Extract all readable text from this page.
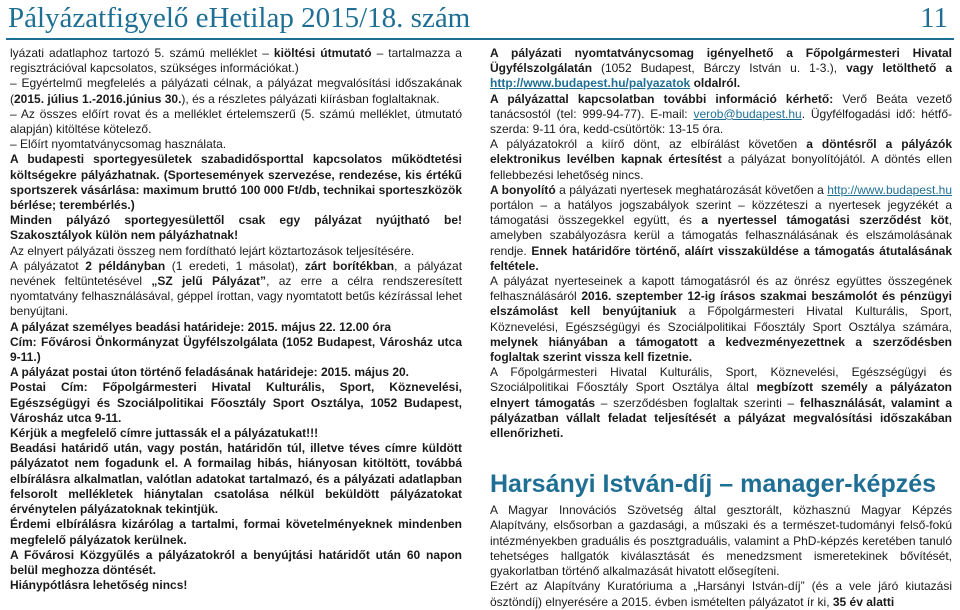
Pályázatfigyelő eHetilap 2015/18. szám	11

lyázati adatlaphoz tartozó 5. számú melléklet – kiöltési útmutató – tartalmazza a regisztrációval kapcsolatos, szükséges információkat.)

– Egyértelmű megfelelés a pályázati célnak, a pályázat megvalósítási időszakának (2015. július 1.-2016.június 30.), és a részletes pályázati kiírásban foglaltaknak.

– Az összes előírt rovat és a melléklet értelemszerű (5. számú melléklet, útmutató alapján) kitöltése kötelező.

– Előírt nyomtatványcsomag használata.

A budapesti sportegyesületek szabadidősporttal kapcsolatos működtetési költségekre pályázhatnak. (Sportesemények szervezése, rendezése, kis értékű sportszerek vásárlása: maximum bruttó 100 000 Ft/db, technikai sporteszközök bérlése; terembérlés.)

Minden pályázó sportegyesülettől csak egy pályázat nyújtható be! Szakosztályok külön nem pályázhatnak!

Az elnyert pályázati összeg nem fordítható lejárt köztartozások teljesítésére.

A pályázatot 2 példányban (1 eredeti, 1 másolat), zárt borítékban, a pályázat nevének feltüntetésével „SZ jelű Pályázat”, az erre a célra rendszeresített nyomtatvány felhasználásával, géppel írottan, vagy nyomtatott betűs kézírással lehet benyújtani.

A pályázat személyes beadási határideje: 2015. május 22. 12.00 óra

Cím: Fővárosi Önkormányzat Ügyfélszolgálata (1052 Budapest, Városház utca 9-11.)

A pályázat postai úton történő feladásának határideje: 2015. május 20.

Postai Cím: Főpolgármesteri Hivatal Kulturális, Sport, Köznevelési, Egészségügyi és Szociálpolitikai Főosztály Sport Osztálya, 1052 Budapest, Városház utca 9-11.

Kérjük a megfelelő címre juttassák el a pályázatukat!!!

Beadási határidő után, vagy postán, határidőn túl, illetve téves címre küldött pályázatot nem fogadunk el. A formailag hibás, hiányosan kitöltött, továbbá elbírálásra alkalmatlan, valótlan adatokat tartalmazó, és a pályázati adatlapban felsorolt mellékletek hiánytalan csatolása nélkül beküldött pályázatokat érvénytelen pályázatoknak tekintjük.

Érdemi elbírálásra kizárólag a tartalmi, formai követelményeknek mindenben megfelelő pályázatok kerülnek.

A Fővárosi Közgyűlés a pályázatokról a benyújtási határidőt után 60 napon belül meghozza döntését.

Hiánypótlásra lehetőség nincs!

A pályázati nyomtatványcsomag igényelhető a Főpolgármesteri Hivatal Ügyfélszolgálatán (1052 Budapest, Bárczy István u. 1-3.), vagy letölthető a http://www.budapest.hu/palyazatok oldalról.

A pályázattal kapcsolatban további információ kérhető: Verő Beáta vezető tanácsostól (tel: 999-94-77). E-mail: verob@budapest.hu. Ügyfélfogadási idő: hétfő-szerda: 9-11 óra, kedd-csütörtök: 13-15 óra.

A pályázatokról a kiírő dönt, az elbírálást követően a döntésről a pályázók elektronikus levélben kapnak értesítést a pályázat bonyolítójától. A döntés ellen fellebbezési lehetőség nincs.

A bonyolító a pályázati nyertesek meghatározását követően a http://www.budapest.hu portálon – a hatályos jogszabályok szerint – közzéteszi a nyertesek jegyzékét a támogatási összegekkel együtt, és a nyertessel támogatási szerződést köt, amelyben szabályozásra kerül a támogatás felhasználásának és elszámolásának rendje. Ennek határidőre történő, aláírt visszaküldése a támogatás átutalásának feltétele.

A pályázat nyerteseinek a kapott támogatásról és az önrész együttes összegének felhasználásáról 2016. szeptember 12-ig írásos szakmai beszámolót és pénzügyi elszámolást kell benyújtaniuk a Főpolgármesteri Hivatal Kulturális, Sport, Köznevelési, Egészségügyi és Szociálpolitikai Főosztály Sport Osztálya számára, melynek hiányában a támogatott a kedvezményezettnek a szerződésben foglaltak szerint vissza kell fizetnie.

A Főpolgármesteri Hivatal Kulturális, Sport, Köznevelési, Egészségügyi és Szociálpolitikai Főosztály Sport Osztálya által megbízott személy a pályázaton elnyert támogatás – szerződésben foglaltak szerinti – felhasználását, valamint a pályázatban vállalt feladat teljesítését a pályázat megvalósítási időszakában ellenőrizheti.

Harsányi István-díj – manager-képzés

A Magyar Innovációs Szövetség által gesztorált, közhasznú Magyar Képzés Alapítvány, elsősorban a gazdasági, a műszaki és a természet-tudományi felső-fokú intézményekben graduális és posztgraduális, valamint a PhD-képzés keretében tanuló tehetséges hallgatók kiválasztását és menedzsment ismeretekinek bővítését, gyakorlatban történő alkalmazását hivatott elősegíteni.

Ezért az Alapítvány Kuratóriuma a „Harsányi István-díj” (és a vele járó kiutazási ösztöndíj) elnyerésére a 2015. évben ismételten pályázatot ír ki, 35 év alatti
